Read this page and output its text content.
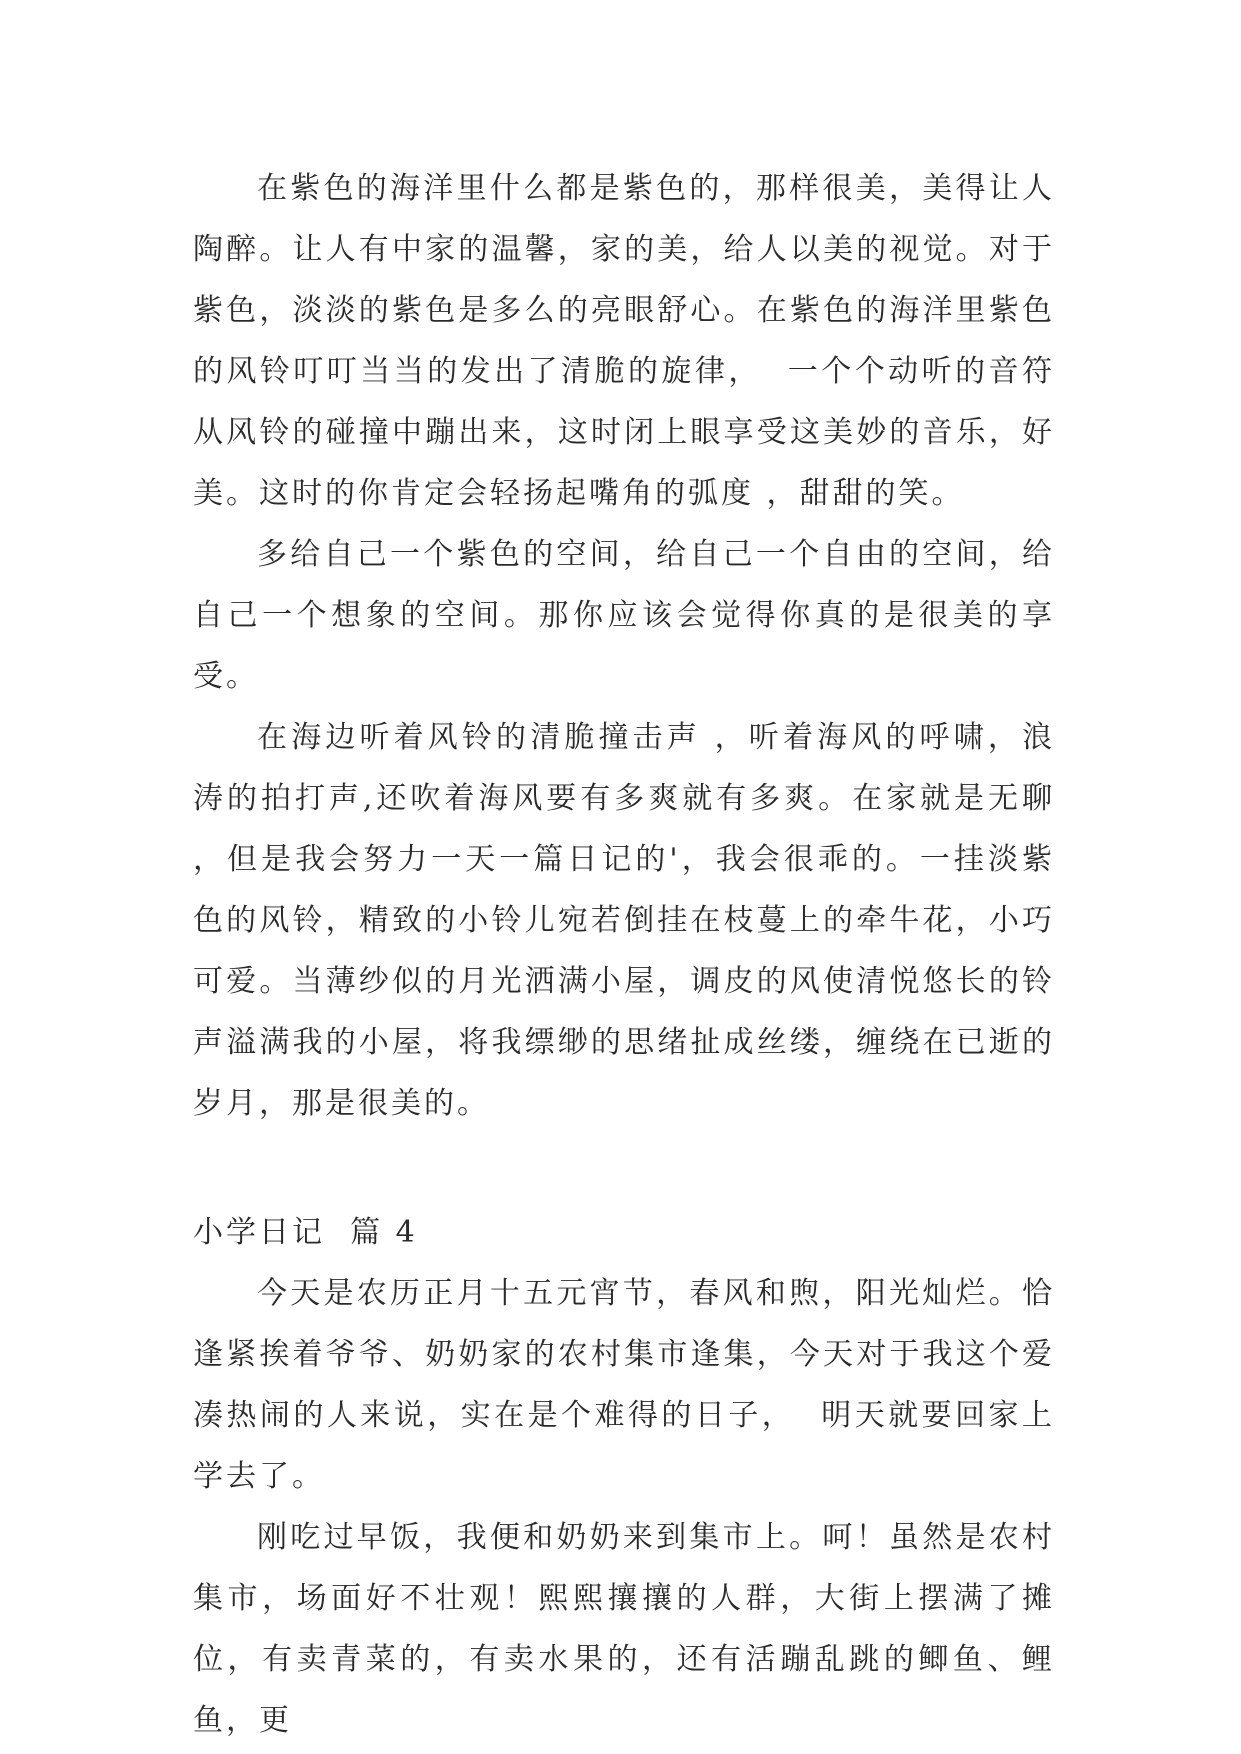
在紫色的海洋里什么都是紫色的，那样很美，美得让人陶醉。让人有中家的温馨，家的美，给人以美的视觉。对于紫色，淡淡的紫色是多么的亮眼舒心。在紫色的海洋里紫色的风铃叮叮当当的发出了清脆的旋律，  一个个动听的音符从风铃的碰撞中蹦出来，这时闭上眼享受这美妙的音乐，好美。这时的你肯定会轻扬起嘴角的弧度 ，甜甜的笑。

多给自己一个紫色的空间，给自己一个自由的空间，给自己一个想象的空间。那你应该会觉得你真的是很美的享受。

在海边听着风铃的清脆撞击声 ，听着海风的呼啸，浪涛的拍打声,还吹着海风要有多爽就有多爽。在家就是无聊 ，但是我会努力一天一篇日记的'，我会很乖的。一挂淡紫色的风铃，精致的小铃儿宛若倒挂在枝蔓上的牵牛花，小巧可爱。当薄纱似的月光洒满小屋，调皮的风使清悦悠长的铃声溢满我的小屋，将我缥缈的思绪扯成丝缕，缠绕在已逝的岁月，那是很美的。

小学日记  篇 4

今天是农历正月十五元宵节，春风和煦，阳光灿烂。恰逢紧挨着爷爷、奶奶家的农村集市逢集，今天对于我这个爱凑热闹的人来说，实在是个难得的日子，  明天就要回家上学去了。

刚吃过早饭，我便和奶奶来到集市上。呵！虽然是农村集市，场面好不壮观！熙熙攘攘的人群，大街上摆满了摊位，有卖青菜的，有卖水果的，还有活蹦乱跳的鲫鱼、鲤鱼，更
